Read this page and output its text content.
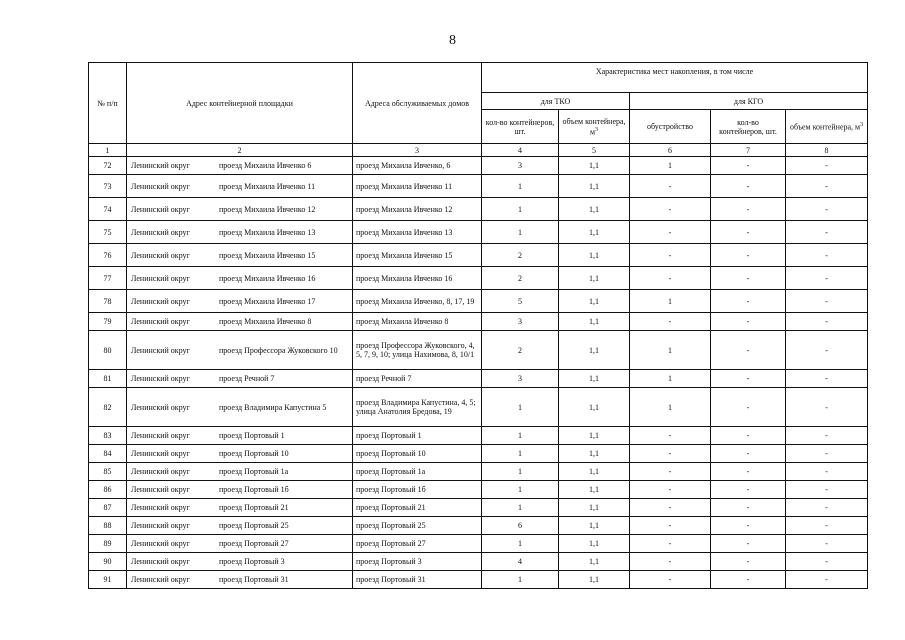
8
№ п/п	Адрес контейнерной площадки	Адреса обслуживаемых домов	Характеристика мест накопления, в том числе				
			для ТКО		для КГО		
			кол-во контейнеров, шт.	объем контейнера, $м^3$	обустройство	кол-во контейнеров, шт.	объем контейнера, $м^3$
1	2	3	4	5	6	7	8
72	Ленинский округ проезд Михаила Ивченко 6	проезд Михаила Ивченко, 6	3	1,1	1	-	-
73	Ленинский округ проезд Михаила Ивченко 11	проезд Михаила Ивченко 11	1	1,1	-	-	-
74	Ленинский округ проезд Михаила Ивченко 12	проезд Михаила Ивченко 12	1	1,1	-	-	-
75	Ленинский округ проезд Михаила Ивченко 13	проезд Михаила Ивченко 13	1	1,1	-	-	-
76	Ленинский округ проезд Михаила Ивченко 15	проезд Михаила Ивченко 15	2	1,1	-	-	-
77	Ленинский округ проезд Михаила Ивченко 16	проезд Михаила Ивченко 16	2	1,1	-	-	-
78	Ленинский округ проезд Михаила Ивченко 17	проезд Михаила Ивченко, 8, 17, 19	5	1,1	1	-	-
79	Ленинский округ проезд Михаила Ивченко 8	проезд Михаила Ивченко 8	3	1,1	-	-	-
80	Ленинский округ проезд Профессора Жуковского 10	проезд Профессора Жуковского, 4, 5, 7, 9, 10; улица Нахимова, 8, 10/1	2	1,1	1	-	-
81	Ленинский округ проезд Речной 7	проезд Речной 7	3	1,1	1	-	-
82	Ленинский округ проезд Владимира Капустина 5	проезд Владимира Капустина, 4, 5; улица Анатолия Бредова, 19	1	1,1	1	-	-
83	Ленинский округ проезд Портовый 1	проезд Портовый 1	1	1,1	-	-	-
84	Ленинский округ проезд Портовый 10	проезд Портовый 10	1	1,1	-	-	-
85	Ленинский округ проезд Портовый 1а	проезд Портовый 1а	1	1,1	-	-	-
86	Ленинский округ проезд Портовый 1б	проезд Портовый 1б	1	1,1	-	-	-
87	Ленинский округ проезд Портовый 21	проезд Портовый 21	1	1,1	-	-	-
88	Ленинский округ проезд Портовый 25	проезд Портовый 25	6	1,1	-	-	-
89	Ленинский округ проезд Портовый 27	проезд Портовый 27	1	1,1	-	-	-
90	Ленинский округ проезд Портовый 3	проезд Портовый 3	4	1,1	-	-	-
91	Ленинский округ проезд Портовый 31	проезд Портовый 31	1	1,1	-	-	-
